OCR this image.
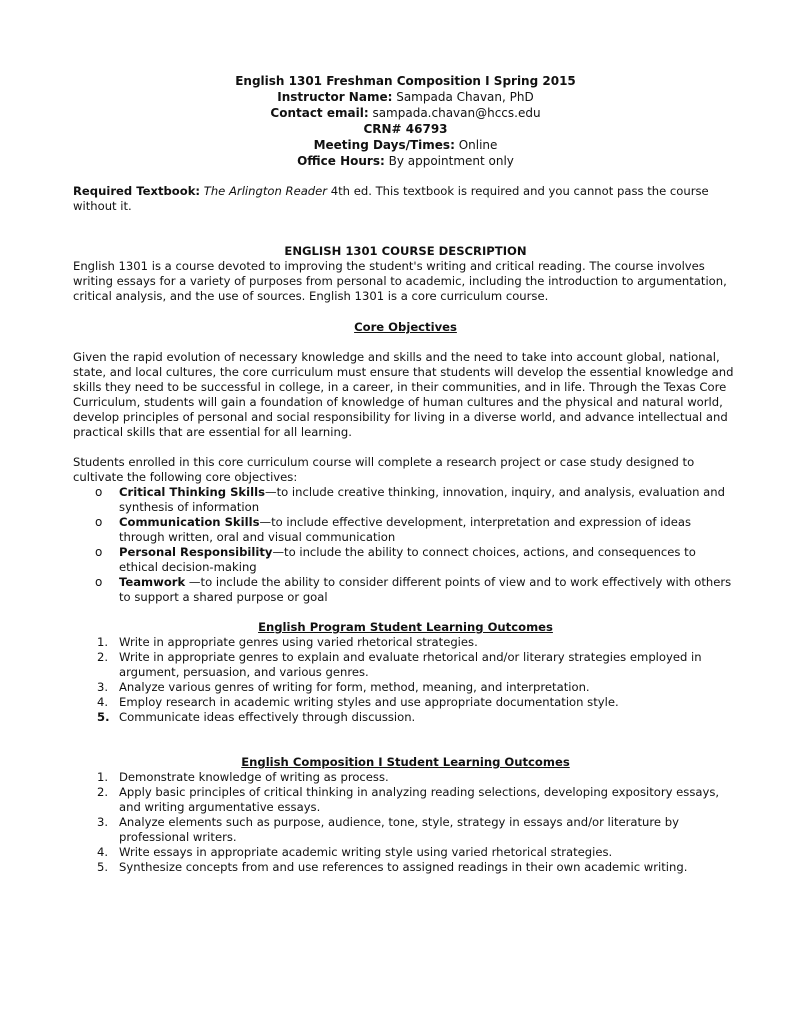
English 1301 Freshman Composition I Spring 2015
Instructor Name: Sampada Chavan, PhD
Contact email: sampada.chavan@hccs.edu
CRN# 46793
Meeting Days/Times: Online
Office Hours: By appointment only

Required Textbook: The Arlington Reader 4th ed. This textbook is required and you cannot pass the course without it.

ENGLISH 1301 COURSE DESCRIPTION

English 1301 is a course devoted to improving the student's writing and critical reading. The course involves writing essays for a variety of purposes from personal to academic, including the introduction to argumentation, critical analysis, and the use of sources. English 1301 is a core curriculum course.

Core Objectives

Given the rapid evolution of necessary knowledge and skills and the need to take into account global, national, state, and local cultures, the core curriculum must ensure that students will develop the essential knowledge and skills they need to be successful in college, in a career, in their communities, and in life. Through the Texas Core Curriculum, students will gain a foundation of knowledge of human cultures and the physical and natural world, develop principles of personal and social responsibility for living in a diverse world, and advance intellectual and practical skills that are essential for all learning.

Students enrolled in this core curriculum course will complete a research project or case study designed to cultivate the following core objectives:

o Critical Thinking Skills—to include creative thinking, innovation, inquiry, and analysis, evaluation and synthesis of information
o Communication Skills—to include effective development, interpretation and expression of ideas through written, oral and visual communication
o Personal Responsibility—to include the ability to connect choices, actions, and consequences to ethical decision-making
o Teamwork —to include the ability to consider different points of view and to work effectively with others to support a shared purpose or goal
English Program Student Learning Outcomes
1. Write in appropriate genres using varied rhetorical strategies.
2. Write in appropriate genres to explain and evaluate rhetorical and/or literary strategies employed in argument, persuasion, and various genres.
3. Analyze various genres of writing for form, method, meaning, and interpretation.
4. Employ research in academic writing styles and use appropriate documentation style.
5. Communicate ideas effectively through discussion.
English Composition I Student Learning Outcomes
1. Demonstrate knowledge of writing as process.
2. Apply basic principles of critical thinking in analyzing reading selections, developing expository essays, and writing argumentative essays.
3. Analyze elements such as purpose, audience, tone, style, strategy in essays and/or literature by professional writers.
4. Write essays in appropriate academic writing style using varied rhetorical strategies.
5. Synthesize concepts from and use references to assigned readings in their own academic writing.
